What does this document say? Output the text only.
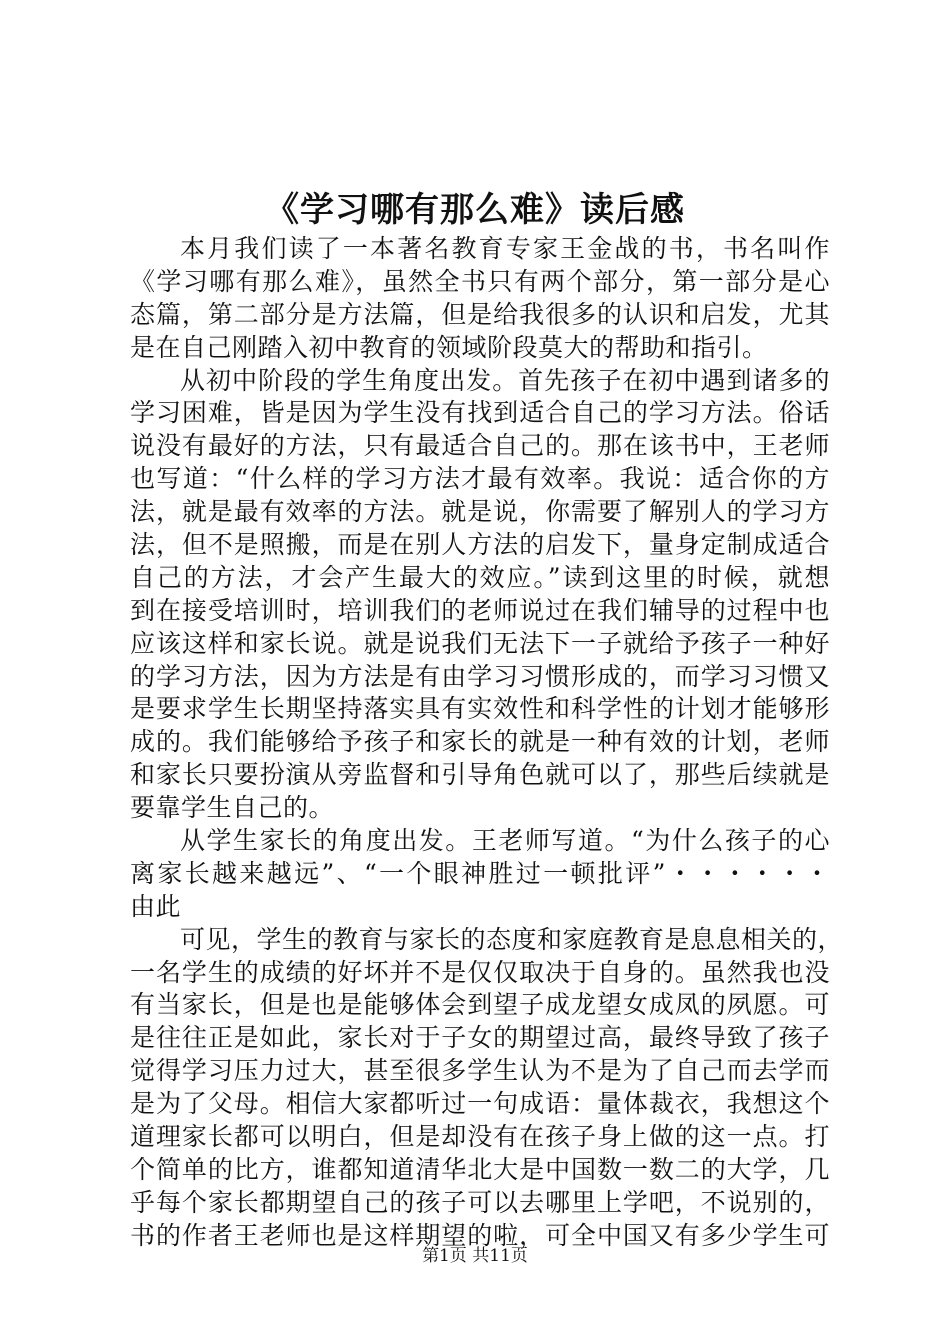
《学习哪有那么难》读后感
本月我们读了一本著名教育专家王金战的书，书名叫作
《学习哪有那么难》，虽然全书只有两个部分，第一部分是心
态篇，第二部分是方法篇，但是给我很多的认识和启发，尤其
是在自己刚踏入初中教育的领域阶段莫大的帮助和指引。
从初中阶段的学生角度出发。首先孩子在初中遇到诸多的
学习困难，皆是因为学生没有找到适合自己的学习方法。俗话
说没有最好的方法，只有最适合自己的。那在该书中，王老师
也写道：“什么样的学习方法才最有效率。我说：适合你的方
法，就是最有效率的方法。就是说，你需要了解别人的学习方
法，但不是照搬，而是在别人方法的启发下，量身定制成适合
自己的方法，才会产生最大的效应。”读到这里的时候，就想
到在接受培训时，培训我们的老师说过在我们辅导的过程中也
应该这样和家长说。就是说我们无法下一子就给予孩子一种好
的学习方法，因为方法是有由学习习惯形成的，而学习习惯又
是要求学生长期坚持落实具有实效性和科学性的计划才能够形
成的。我们能够给予孩子和家长的就是一种有效的计划，老师
和家长只要扮演从旁监督和引导角色就可以了，那些后续就是
要靠学生自己的。
从学生家长的角度出发。王老师写道。“为什么孩子的心
离家长越来越远”、“一个眼神胜过一顿批评”・・・・・・
由此
可见，学生的教育与家长的态度和家庭教育是息息相关的，
一名学生的成绩的好坏并不是仅仅取决于自身的。虽然我也没
有当家长，但是也是能够体会到望子成龙望女成凤的夙愿。可
是往往正是如此，家长对于子女的期望过高，最终导致了孩子
觉得学习压力过大，甚至很多学生认为不是为了自己而去学而
是为了父母。相信大家都听过一句成语：量体裁衣，我想这个
道理家长都可以明白，但是却没有在孩子身上做的这一点。打
个简单的比方，谁都知道清华北大是中国数一数二的大学，几
乎每个家长都期望自己的孩子可以去哪里上学吧，不说别的，
书的作者王老师也是这样期望的啦，可全中国又有多少学生可
第1页 共11页
